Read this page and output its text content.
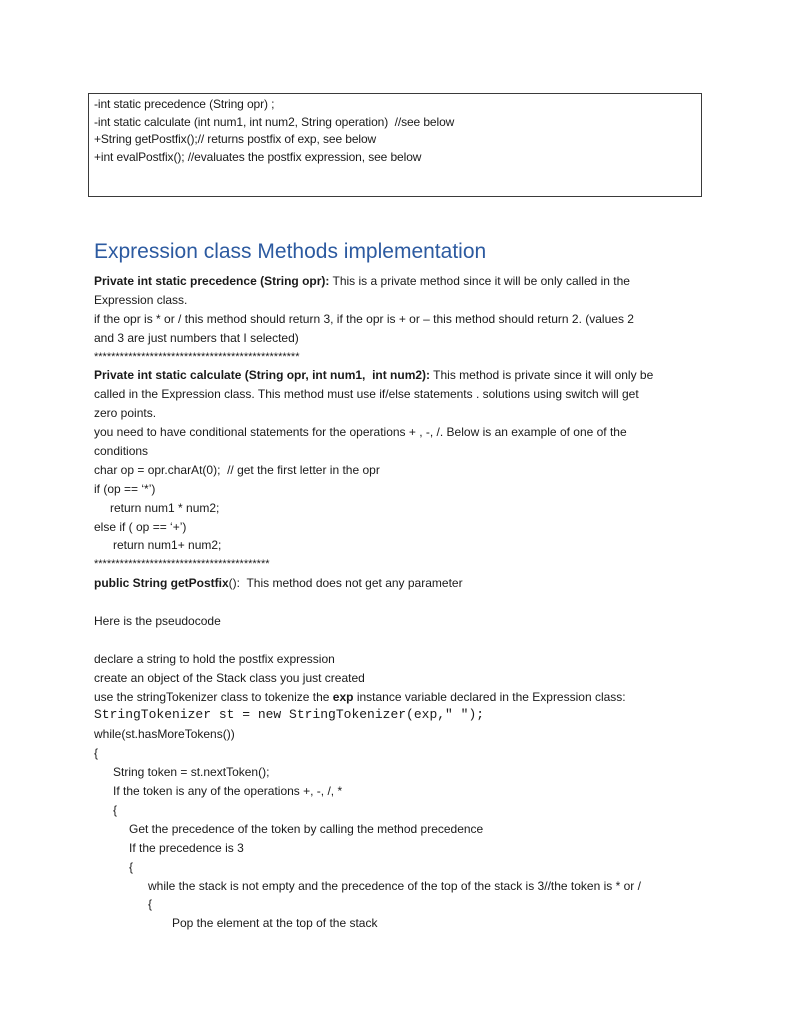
-int static precedence (String opr) ;
-int static calculate (int num1, int num2, String operation)  //see below
+String getPostfix();// returns postfix of exp, see below
+int evalPostfix(); //evaluates the postfix expression, see below
Expression class Methods implementation
Private int static precedence (String opr): This is a private method since it will be only called in the
Expression class.
if the opr is * or / this method should return 3, if the opr is + or – this method should return 2. (values 2
and 3 are just numbers that I selected)
************************************************
Private int static calculate (String opr, int num1,  int num2): This method is private since it will only be
called in the Expression class. This method must use if/else statements . solutions using switch will get
zero points.
you need to have conditional statements for the operations + , -, /. Below is an example of one of the
conditions
char op = opr.charAt(0);  // get the first letter in the opr
if (op == ‘*’)
return num1 * num2;
else if ( op == ‘+’)
return num1+ num2;
*****************************************
public String getPostfix():  This method does not get any parameter
Here is the pseudocode
declare a string to hold the postfix expression
create an object of the Stack class you just created
use the stringTokenizer class to tokenize the exp instance variable declared in the Expression class:
StringTokenizer st = new StringTokenizer(exp," ");
while(st.hasMoreTokens())
{
String token = st.nextToken();
If the token is any of the operations +, -, /, *
{
Get the precedence of the token by calling the method precedence
If the precedence is 3
{
while the stack is not empty and the precedence of the top of the stack is 3//the token is * or /
{
Pop the element at the top of the stack
